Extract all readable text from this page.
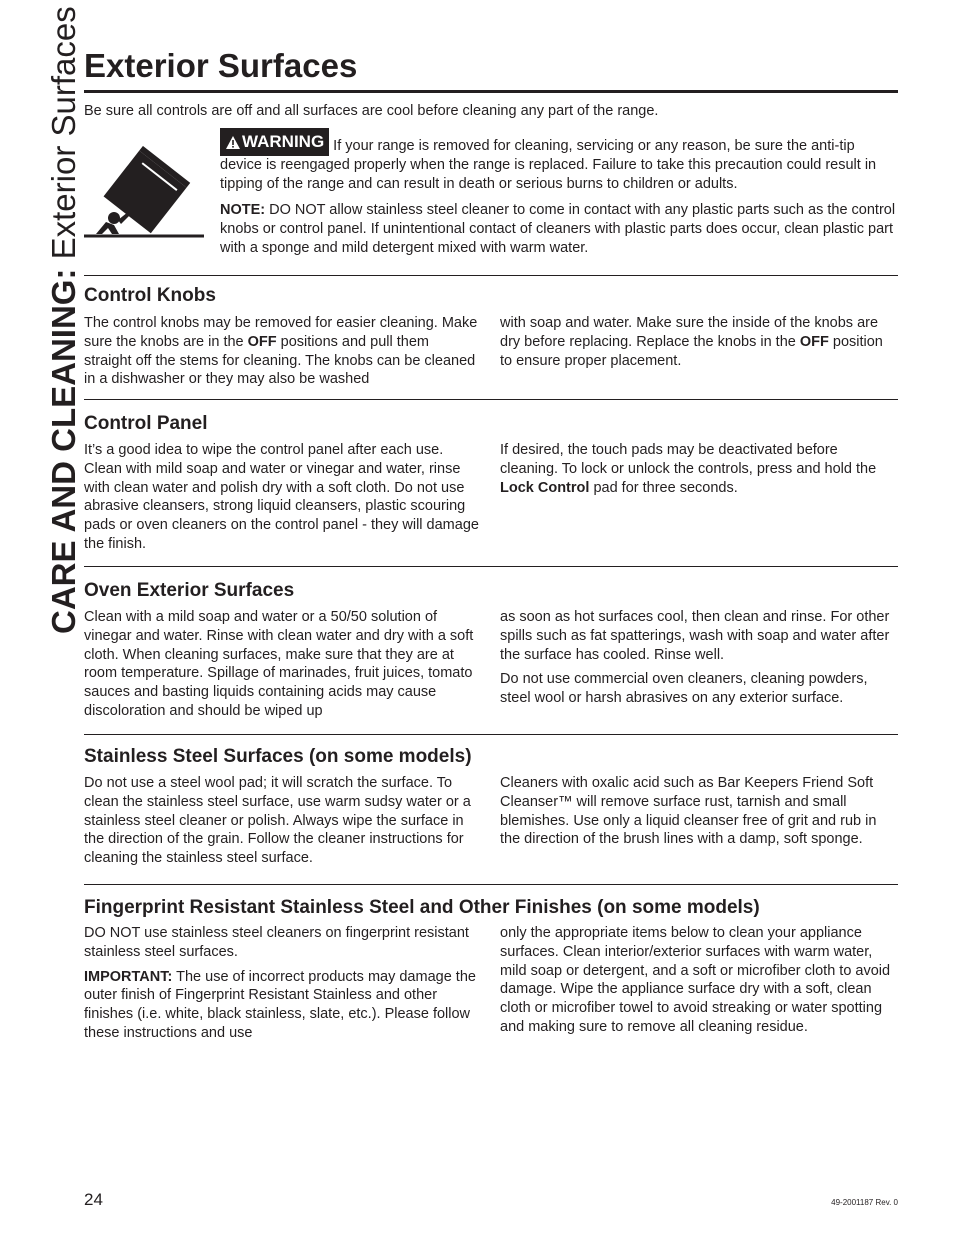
CARE AND CLEANING: Exterior Surfaces Exterior Surfaces

Be sure all controls are off and all surfaces are cool before cleaning any part of the range.

WARNING If your range is removed for cleaning, servicing or any reason, be sure the anti-tip device is reengaged properly when the range is replaced. Failure to take this precaution could result in tipping of the range and can result in death or serious burns to children or adults.

NOTE: DO NOT allow stainless steel cleaner to come in contact with any plastic parts such as the control knobs or control panel. If unintentional contact of cleaners with plastic parts does occur, clean plastic part with a sponge and mild detergent mixed with warm water.

Control Knobs

The control knobs may be removed for easier cleaning. Make sure the knobs are in the OFF positions and pull them straight off the stems for cleaning. The knobs can be cleaned in a dishwasher or they may also be washed

with soap and water. Make sure the inside of the knobs are dry before replacing. Replace the knobs in the OFF position to ensure proper placement.

Control Panel

It’s a good idea to wipe the control panel after each use. Clean with mild soap and water or vinegar and water, rinse with clean water and polish dry with a soft cloth. Do not use abrasive cleansers, strong liquid cleansers, plastic scouring pads or oven cleaners on the control panel - they will damage the finish.

If desired, the touch pads may be deactivated before cleaning. To lock or unlock the controls, press and hold the Lock Control pad for three seconds.

Oven Exterior Surfaces

Clean with a mild soap and water or a 50/50 solution of vinegar and water. Rinse with clean water and dry with a soft cloth. When cleaning surfaces, make sure that they are at room temperature. Spillage of marinades, fruit juices, tomato sauces and basting liquids containing acids may cause discoloration and should be wiped up

as soon as hot surfaces cool, then clean and rinse. For other spills such as fat spatterings, wash with soap and water after the surface has cooled. Rinse well.

Do not use commercial oven cleaners, cleaning powders, steel wool or harsh abrasives on any exterior surface.

Stainless Steel Surfaces (on some models)

Do not use a steel wool pad; it will scratch the surface. To clean the stainless steel surface, use warm sudsy water or a stainless steel cleaner or polish. Always wipe the surface in the direction of the grain. Follow the cleaner instructions for cleaning the stainless steel surface.

Cleaners with oxalic acid such as Bar Keepers Friend Soft Cleanser™ will remove surface rust, tarnish and small blemishes. Use only a liquid cleanser free of grit and rub in the direction of the brush lines with a damp, soft sponge.

Fingerprint Resistant Stainless Steel and Other Finishes (on some models)

DO NOT use stainless steel cleaners on fingerprint resistant stainless steel surfaces.

IMPORTANT: The use of incorrect products may damage the outer finish of Fingerprint Resistant Stainless and other finishes (i.e. white, black stainless, slate, etc.). Please follow these instructions and use

only the appropriate items below to clean your appliance surfaces. Clean interior/exterior surfaces with warm water, mild soap or detergent, and a soft or microfiber cloth to avoid damage. Wipe the appliance surface dry with a soft, clean cloth or microfiber towel to avoid streaking or water spotting and making sure to remove all cleaning residue.

24	49-2001187 Rev. 0
